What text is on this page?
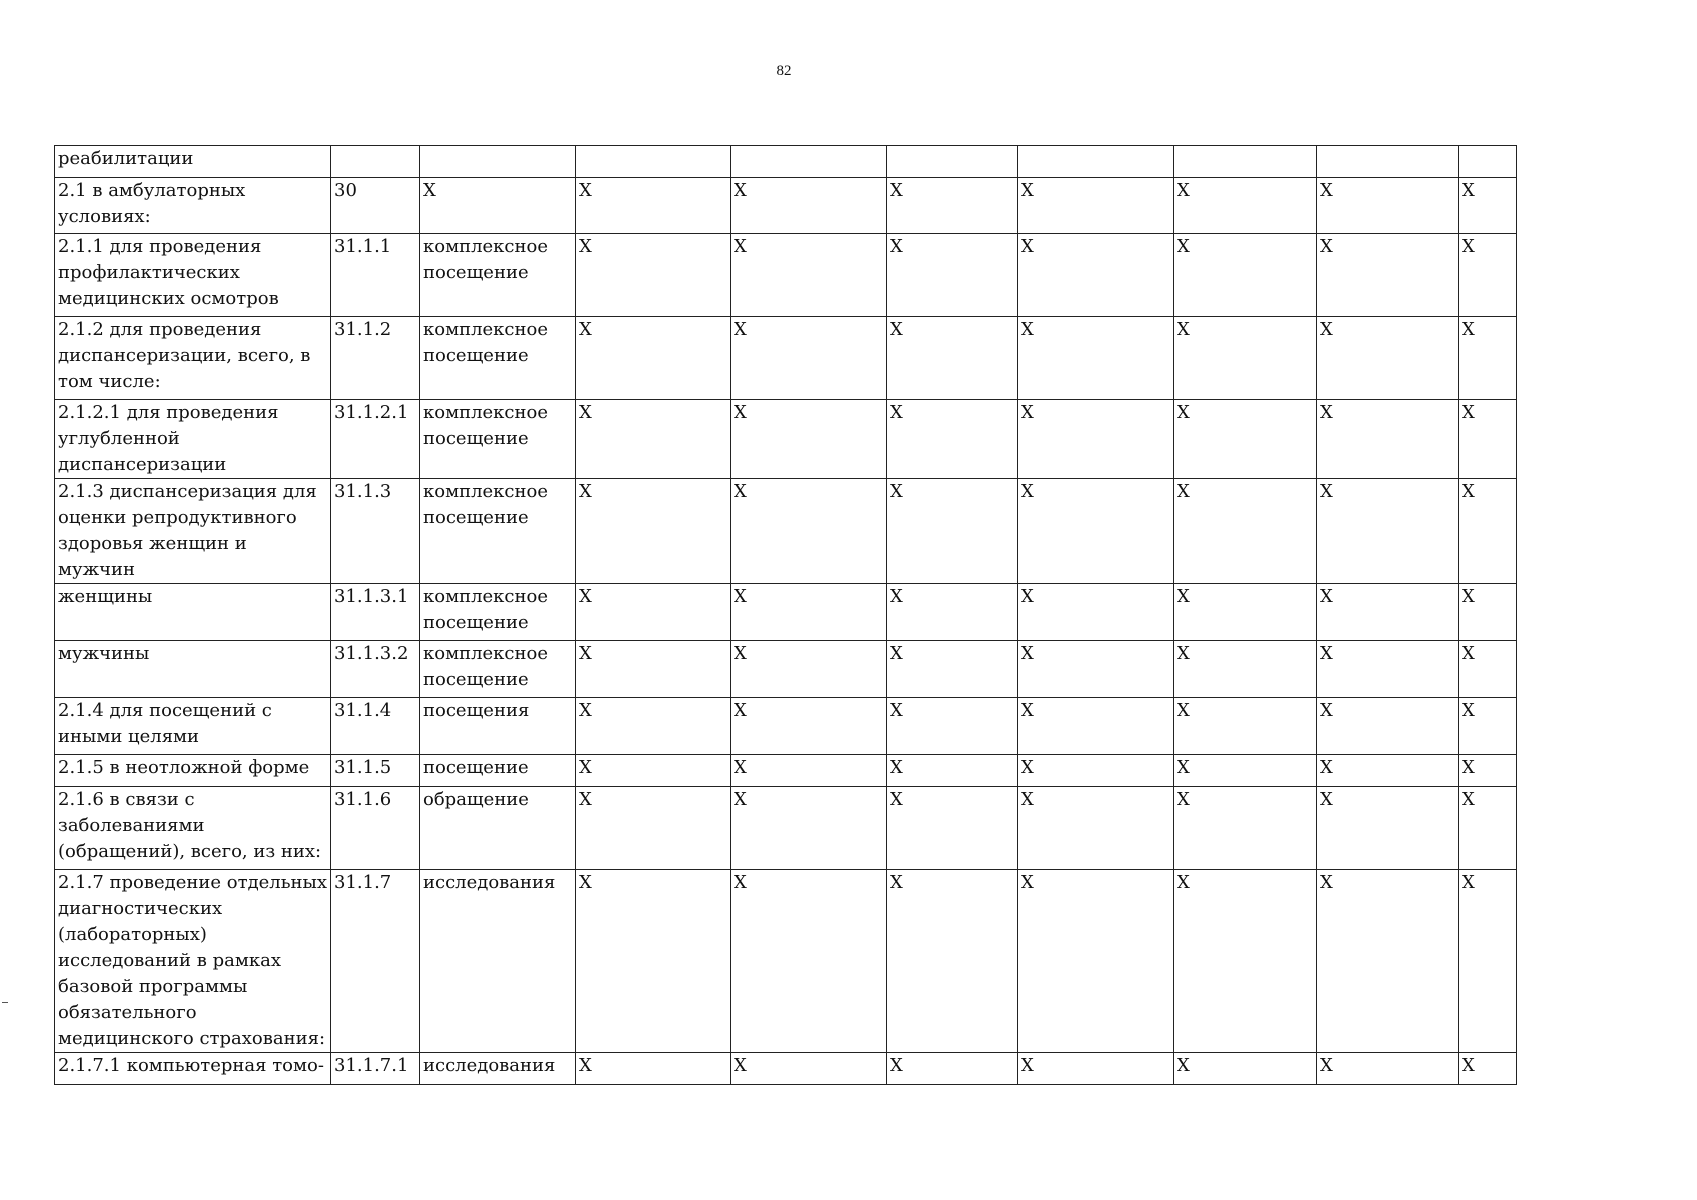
82
реабилитации									
2.1 в амбулаторных условиях:	30	Х	Х	Х	Х	Х	Х	Х	Х
2.1.1 для проведения профилактических медицинских осмотров	31.1.1	комплексное посещение	Х	Х	Х	Х	Х	Х	Х
2.1.2 для проведения диспансеризации, всего, в том числе:	31.1.2	комплексное посещение	Х	Х	Х	Х	Х	Х	Х
2.1.2.1 для проведения углубленной диспансеризации	31.1.2.1	комплексное посещение	Х	Х	Х	Х	Х	Х	Х
2.1.3 диспансеризация для оценки репродуктивного здоровья женщин и мужчин	31.1.3	комплексное посещение	Х	Х	Х	Х	Х	Х	Х
женщины	31.1.3.1	комплексное посещение	Х	Х	Х	Х	Х	Х	Х
мужчины	31.1.3.2	комплексное посещение	Х	Х	Х	Х	Х	Х	Х
2.1.4 для посещений с иными целями	31.1.4	посещения	Х	Х	Х	Х	Х	Х	Х
2.1.5 в неотложной форме	31.1.5	посещение	Х	Х	Х	Х	Х	Х	Х
2.1.6 в связи с заболеваниями (обращений), всего, из них:	31.1.6	обращение	Х	Х	Х	Х	Х	Х	Х
2.1.7 проведение отдельных диагностических (лабораторных) исследований в рамках базовой программы обязательного медицинского страхования:	31.1.7	исследования	Х	Х	Х	Х	Х	Х	Х
2.1.7.1 компьютерная томо-	31.1.7.1	исследования	Х	Х	Х	Х	Х	Х	Х
